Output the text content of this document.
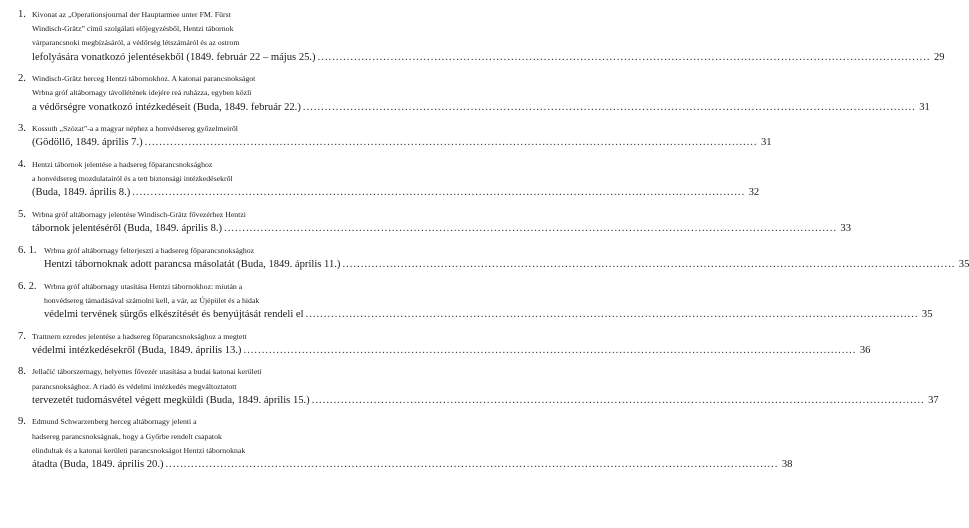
1. Kivonat az „Operationsjournal der Hauptarmee unter FM. Fürst
Windisch-Grätz” című szolgálati előjegyzésből, Hentzi tábornok
várparancsnoki megbízásáról, a védőrség létszámáról és az ostrom
lefolyására vonatkozó jelentésekből (1849. február 22 – május 25.) .....	29
2. Windisch-Grätz herceg Hentzi tábornokhoz. A katonai parancsnokságot
Wrbna gróf altábornagy távollétének idejére reá ruházza, egyben közli
a védőrségre vonatkozó intézkedéseit (Buda, 1849. február 22.) .....	31
3. Kossuth „Szózat”-a a magyar néphez a honvédsereg győzelmeiről
(Gödöllő, 1849. április 7.) .....	31
4. Hentzi tábornok jelentése a hadsereg főparancsnoksághoz
a honvédsereg mozdulatairól és a tett biztonsági intézkedésekről
(Buda, 1849. április 8.) .....	32
5. Wrbna gróf altábornagy jelentése Windisch-Grätz fővezérhez Hentzi
tábornok jelentéséről (Buda, 1849. április 8.) .....	33
6. 1. Wrbna gróf altábornagy felterjeszti a hadsereg főparancsnoksághoz
Hentzi tábornoknak adott parancsa másolatát (Buda, 1849. április 11.) .....	35
6. 2. Wrbna gróf altábornagy utasítása Hentzi tábornokhoz: miután a
honvédsereg támadásával számolni kell, a vár, az Újépület és a hidak
védelmi tervének sürgős elkészítését és benyújtását rendeli el .....	35
7. Trattnern ezredes jelentése a hadsereg főparancsnoksághoz a megtett
védelmi intézkedésekről (Buda, 1849. április 13.) .....	36
8. Jellačić táborszernagy, helyettes fővezér utasítása a budai katonai kerületi
parancsnoksághoz. A riadó és védelmi intézkedés megváltoztatott
tervezetét tudomásvétel végett megküldi (Buda, 1849. április 15.) .....	37
9. Edmund Schwarzenberg herceg altábornagy jelenti a
hadsereg parancsnokságnak, hogy a Győrbe rendelt csapatok
elindultak és a katonai kerületi parancsnokságot Hentzi tábornoknak
átadta (Buda, 1849. április 20.) .....	38
